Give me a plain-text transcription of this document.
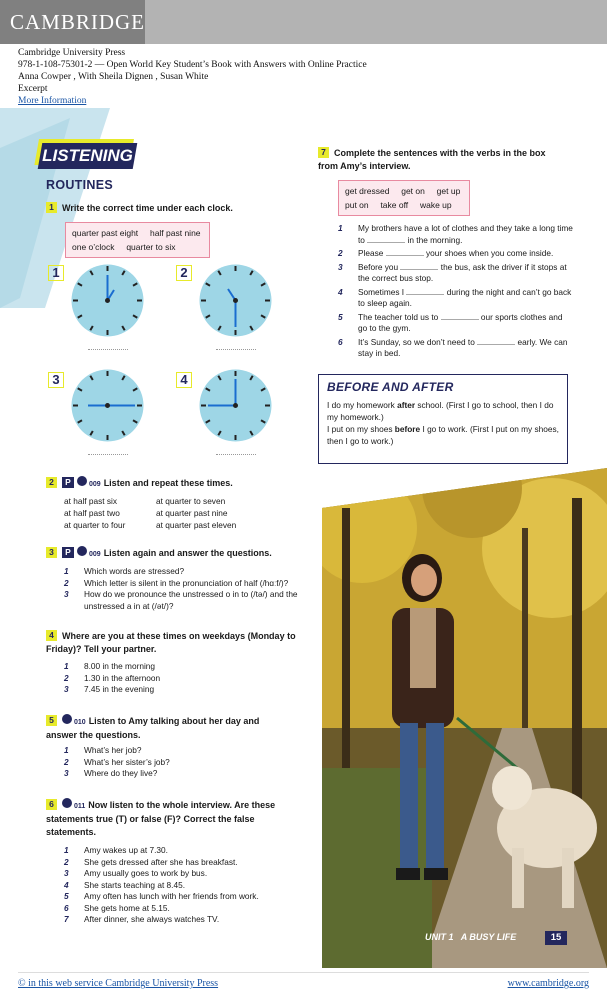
CAMBRIDGE
Cambridge University Press
978-1-108-75301-2 — Open World Key Student’s Book with Answers with Online Practice
Anna Cowper , With Sheila Dignen , Susan White
Excerpt
More Information
LISTENING
ROUTINES
1 Write the correct time under each clock.
quarter past eight     half past nine
one o’clock     quarter to six
1	2
3	4
2 P	009 Listen and repeat these times.
at half past six
at half past two
at quarter to four
at quarter to seven
at quarter past nine
at quarter past eleven
3 P	009 Listen again and answer the questions.
1 Which words are stressed?
2 Which letter is silent in the pronunciation of half (/hɑːf/)?
3 How do we pronounce the unstressed o in to (/tə/) and the unstressed a in at (/ət/)?
4 Where are you at these times on weekdays (Monday to Friday)? Tell your partner.
1 8.00 in the morning
2 1.30 in the afternoon
3 7.45 in the evening
5	010 Listen to Amy talking about her day and answer the questions.
1 What’s her job?
2 What’s her sister’s job?
3 Where do they live?
6	011 Now listen to the whole interview. Are these statements true (T) or false (F)? Correct the false statements.
1 Amy wakes up at 7.30.
2 She gets dressed after she has breakfast.
3 Amy usually goes to work by bus.
4 She starts teaching at 8.45.
5 Amy often has lunch with her friends from work.
6 She gets home at 5.15.
7 After dinner, she always watches TV.
7 Complete the sentences with the verbs in the box from Amy’s interview.
get dressed     get on     get up
put on     take off     wake up
1 My brothers have a lot of clothes and they take a long time to	in the morning.
2 Please	your shoes when you come inside.
3 Before you	the bus, ask the driver if it stops at the correct bus stop.
4 Sometimes I	during the night and can’t go back to sleep again.
5 The teacher told us to	our sports clothes and go to the gym.
6 It’s Sunday, so we don’t need to	early. We can stay in bed.
BEFORE AND AFTER

I do my homework after school. (First I go to school, then I do my homework.)

I put on my shoes before I go to work. (First I put on my shoes, then I go to work.)

UNIT 1 A BUSY LIFE	15
© in this web service Cambridge University Press	www.cambridge.org
